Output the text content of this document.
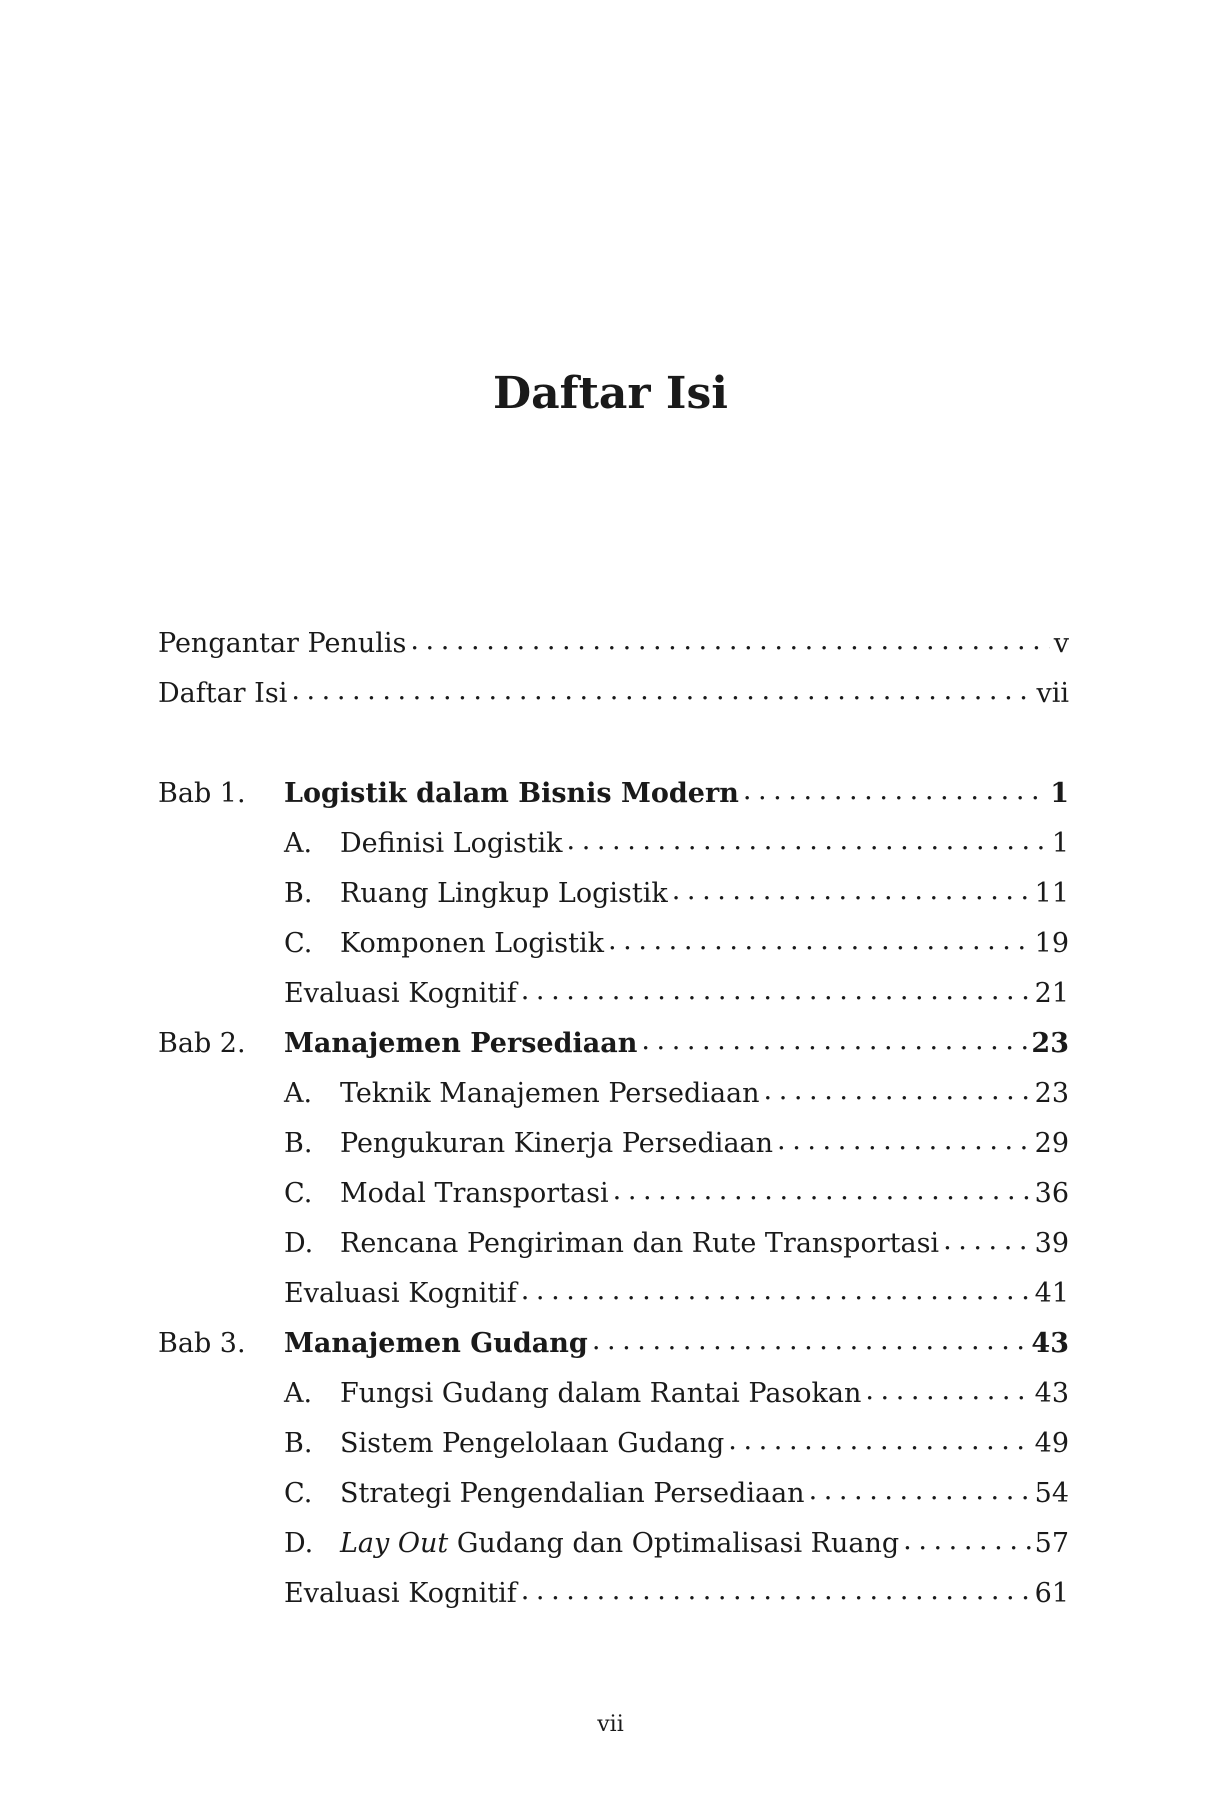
Daftar Isi
Pengantar Penulis . . .	v
Daftar Isi . . .	vii
Bab 1.	Logistik dalam Bisnis Modern . . .	1
A.	Definisi Logistik . . .	1
B.	Ruang Lingkup Logistik . . .	11
C.	Komponen Logistik . . .	19
Evaluasi Kognitif . . .	21
Bab 2.	Manajemen Persediaan . . .	23
A.	Teknik Manajemen Persediaan . . .	23
B.	Pengukuran Kinerja Persediaan . . .	29
C.	Modal Transportasi . . .	36
D. Rencana Pengiriman dan Rute Transportasi . . .	39
Evaluasi Kognitif . . .	41
Bab 3.	Manajemen Gudang . . .	43
A.	Fungsi Gudang dalam Rantai Pasokan . . .	43
B.	Sistem Pengelolaan Gudang . . .	49
C.	Strategi Pengendalian Persediaan . . .	54
D. Lay Out Gudang dan Optimalisasi Ruang . . .	57
Evaluasi Kognitif . . .	61
vii
